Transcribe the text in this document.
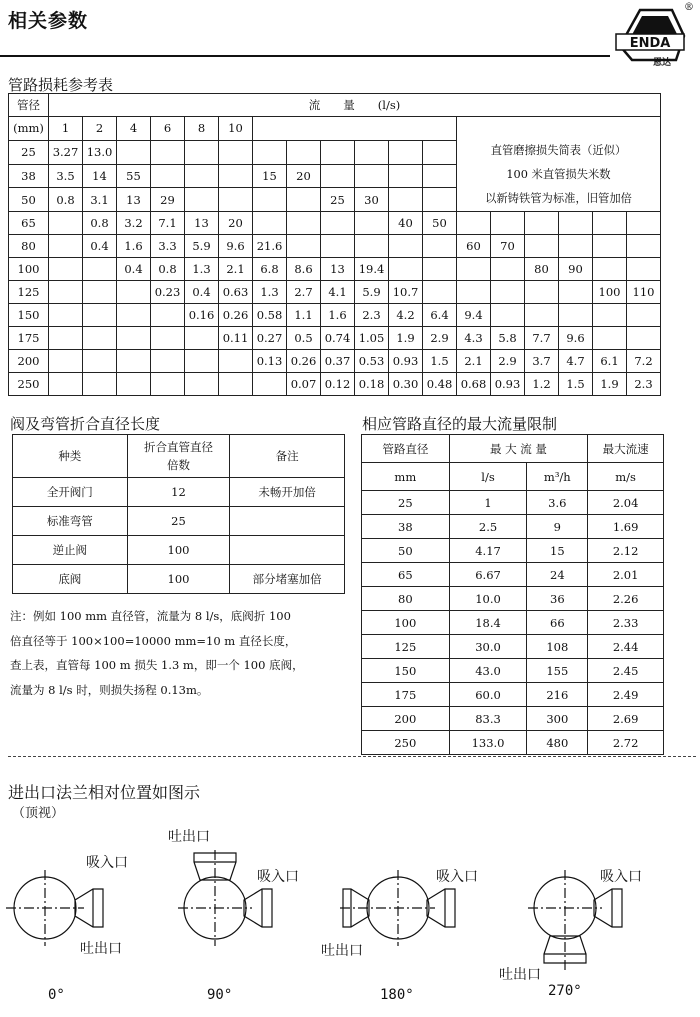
相关参数
ENDA
恩达
®
管路损耗参考表
管径	流　　量　　(l/s)																	
(mm)	1	2	4	6	8	10							直管磨擦损失简表（近似）
100 米直管损失米数
以新铸铁管为标准，旧管加倍					

25	3.27	13.0																
38	3.5	14	55				15	20										
50	0.8	3.1	13	29					25	30								
65		0.8	3.2	7.1	13	20					40	50						
80		0.4	1.6	3.3	5.9	9.6	21.6						60	70				
100			0.4	0.8	1.3	2.1	6.8	8.6	13	19.4					80	90		
125				0.23	0.4	0.63	1.3	2.7	4.1	5.9	10.7						100	110
150					0.16	0.26	0.58	1.1	1.6	2.3	4.2	6.4	9.4					
175						0.11	0.27	0.5	0.74	1.05	1.9	2.9	4.3	5.8	7.7	9.6		
200							0.13	0.26	0.37	0.53	0.93	1.5	2.1	2.9	3.7	4.7	6.1	7.2
250								0.07	0.12	0.18	0.30	0.48	0.68	0.93	1.2	1.5	1.9	2.3
阀及弯管折合直径长度
种类	折合直管直径倍数	备注
全开阀门	12	未畅开加倍
标准弯管	25	
逆止阀	100	
底阀	100	部分堵塞加倍
注：例如 100 mm 直径管，流量为 8 l/s，底阀折 100
倍直径等于 100×100=10000 mm=10 m 直径长度，
查上表，直管每 100 m 损失 1.3 m，即一个 100 底阀，
流量为 8 l/s 时，则损失扬程 0.13m。
相应管路直径的最大流量限制
管路直径	最 大 流 量		最大流速
mm	l/s	m³/h	m/s
25	1	3.6	2.04
38	2.5	9	1.69
50	4.17	15	2.12
65	6.67	24	2.01
80	10.0	36	2.26
100	18.4	66	2.33
125	30.0	108	2.44
150	43.0	155	2.45
175	60.0	216	2.49
200	83.3	300	2.69
250	133.0	480	2.72
进出口法兰相对位置如图示
（顶视）
吸入口
吐出口
吐出口
吸入口
吐出口
吸入口
吐出口
吸入口
0°	90°	180°	270°
